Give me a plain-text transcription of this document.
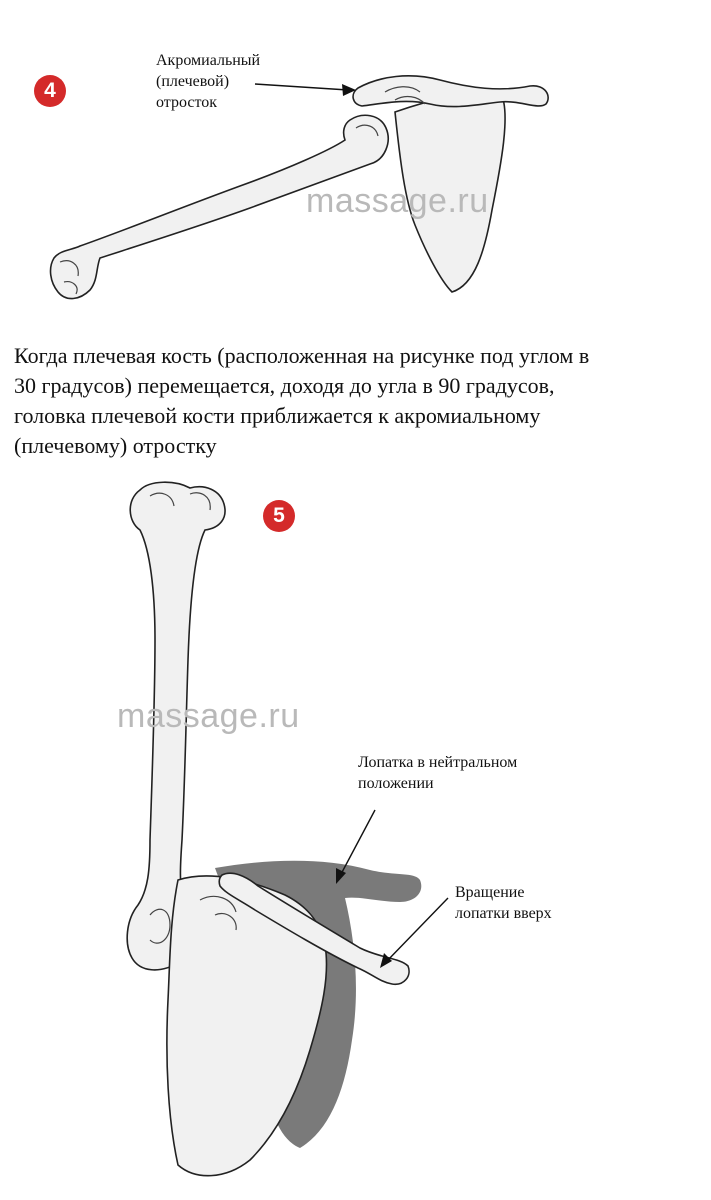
4
Акромиальный
(плечевой)
отросток
massage.ru
Когда плечевая кость (расположенная на рисунке под углом в
30 градусов) перемещается, доходя до угла в 90 градусов,
головка плечевой кости приближается к акромиальному
(плечевому) отростку
5
massage.ru
Лопатка в нейтральном
положении
Вращение
лопатки вверх
